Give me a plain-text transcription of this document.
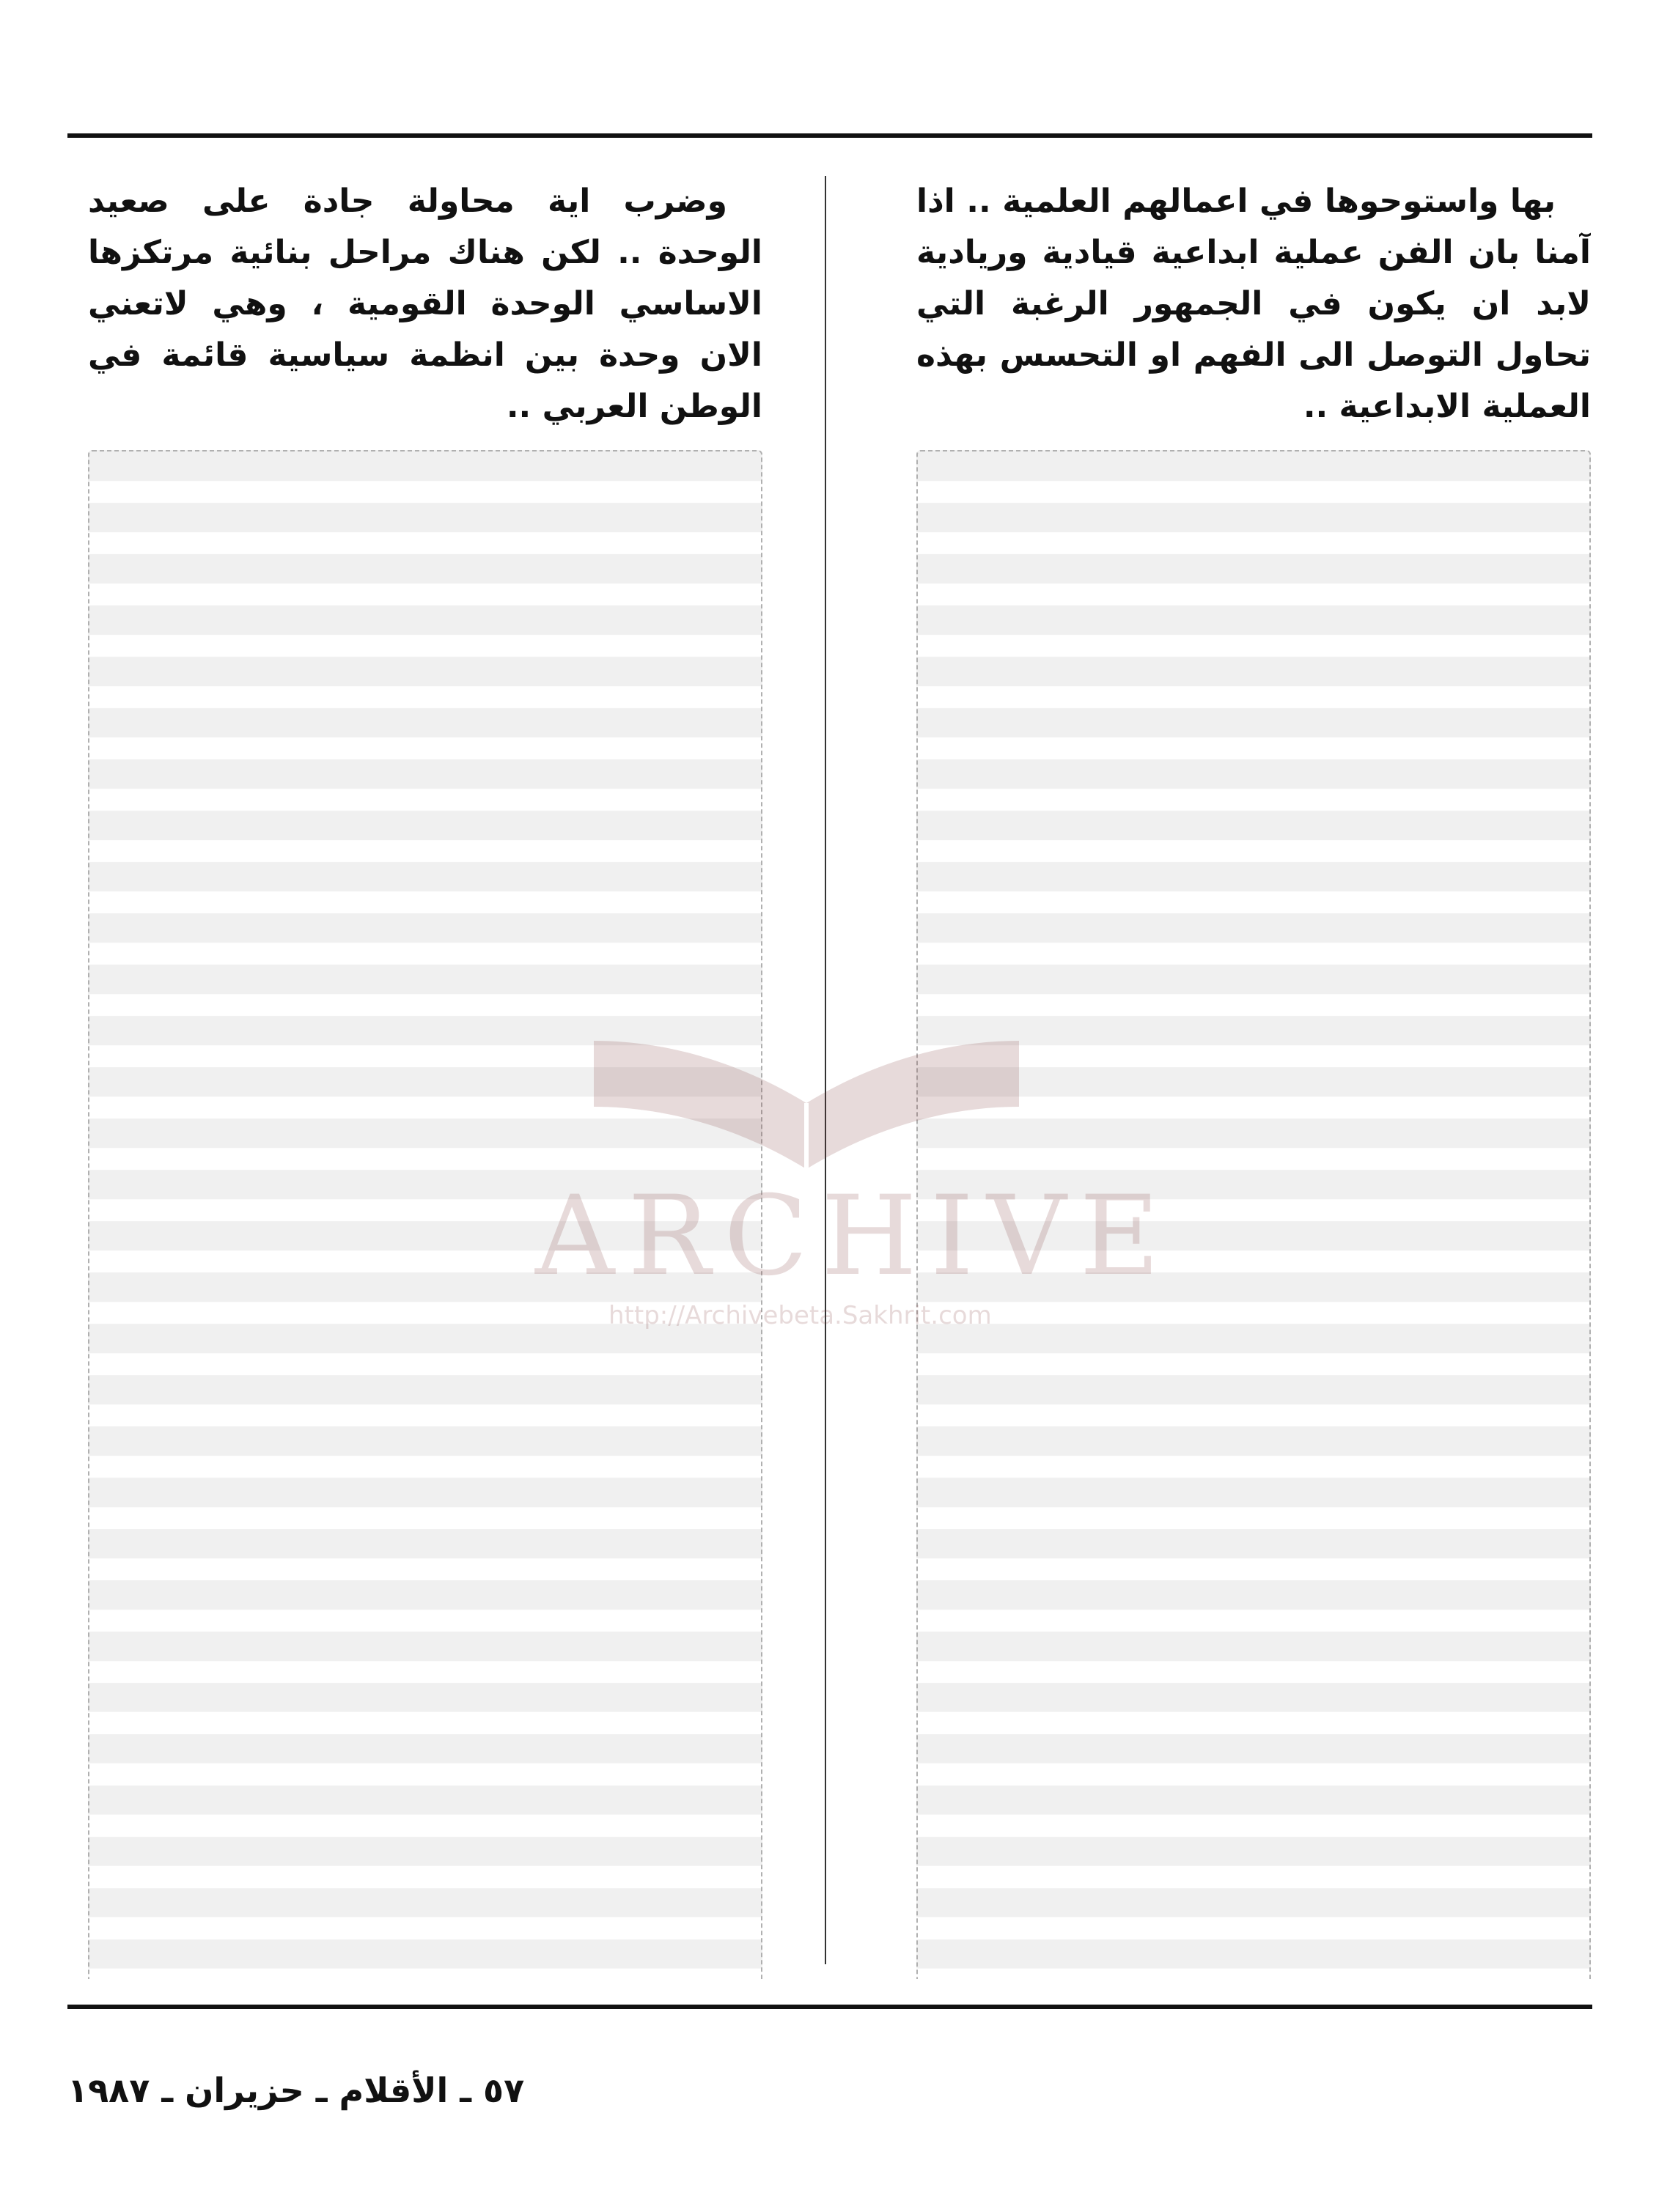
بها واستوحوها في اعمالهم العلمية .. اذا آمنا بان الفن عملية ابداعية قيادية وريادية لابد ان يكون في الجمهور الرغبة التي تحاول التوصل الى الفهم او التحسس بهذه العملية الابداعية ..

وضرب اية محاولة جادة على صعيد الوحدة .. لكن هناك مراحل بنائية مرتكزها الاساسي الوحدة القومية ، وهي لاتعني الان وحدة بين انظمة سياسية قائمة في الوطن العربي ..

٥٧ ـ الأقلام ـ حزيران ـ ١٩٨٧
ARCHIVE
http://Archivebeta.Sakhrit.com
